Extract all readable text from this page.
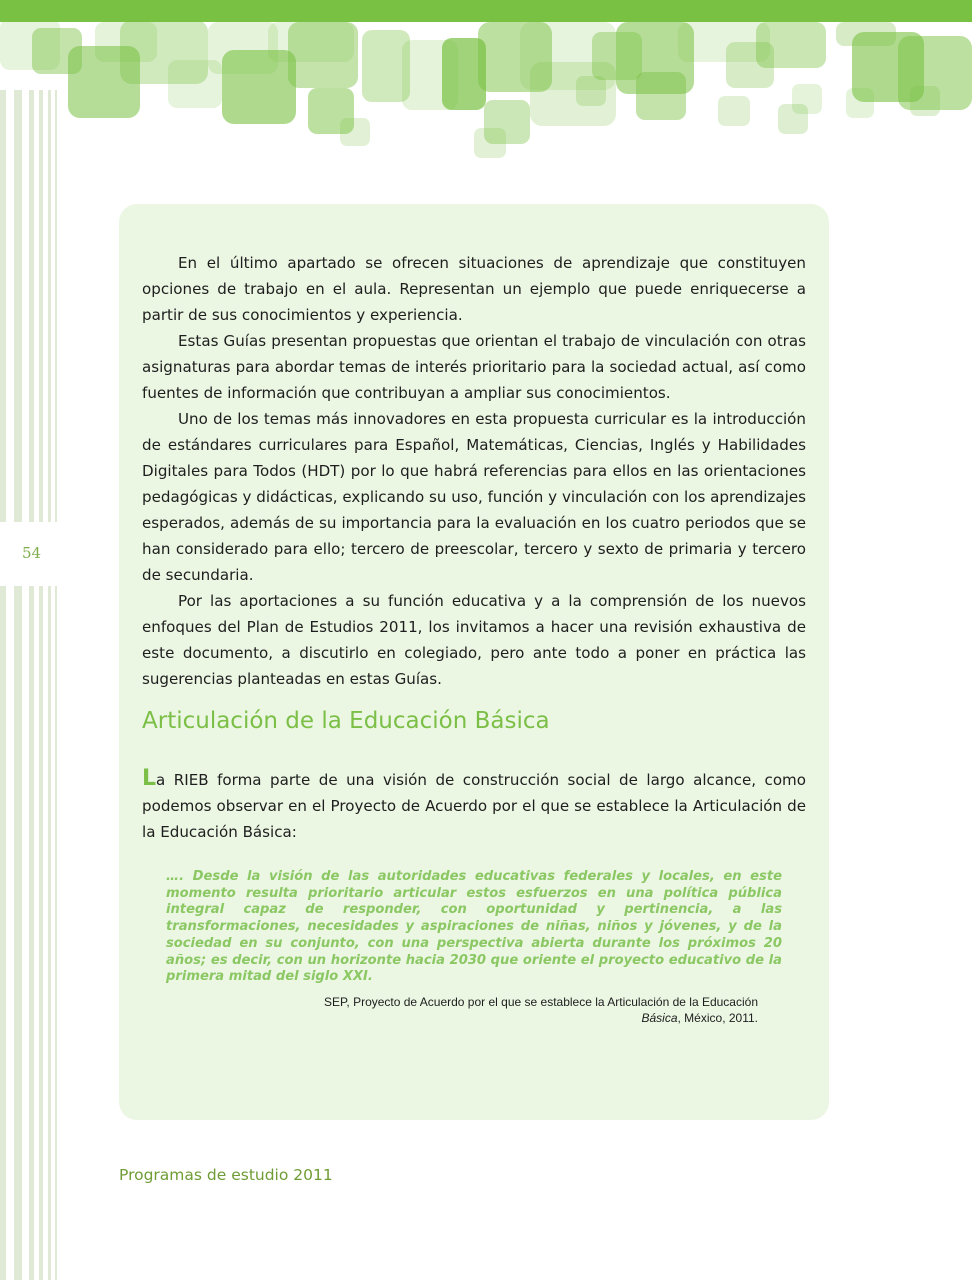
54

En el último apartado se ofrecen situaciones de aprendizaje que constituyen opciones de trabajo en el aula. Representan un ejemplo que puede enriquecerse a partir de sus conocimientos y experiencia.

Estas Guías presentan propuestas que orientan el trabajo de vinculación con otras asignaturas para abordar temas de interés prioritario para la sociedad actual, así como fuentes de información que contribuyan a ampliar sus conocimientos.

Uno de los temas más innovadores en esta propuesta curricular es la introducción de estándares curriculares para Español, Matemáticas, Ciencias, Inglés y Habilidades Digitales para Todos (HDT) por lo que habrá referencias para ellos en las orientaciones pedagógicas y didácticas, explicando su uso, función y vinculación con los aprendizajes esperados, además de su importancia para la evaluación en los cuatro periodos que se han considerado para ello; tercero de preescolar, tercero y sexto de primaria y tercero de secundaria.

Por las aportaciones a su función educativa y a la comprensión de los nuevos enfoques del Plan de Estudios 2011, los invitamos a hacer una revisión exhaustiva de este documento, a discutirlo en colegiado, pero ante todo a poner en práctica las sugerencias planteadas en estas Guías.

Articulación de la Educación Básica

La RIEB forma parte de una visión de construcción social de largo alcance, como podemos observar en el Proyecto de Acuerdo por el que se establece la Articulación de la Educación Básica:

…. Desde la visión de las autoridades educativas federales y locales, en este momento resulta prioritario articular estos esfuerzos en una política pública integral capaz de responder, con oportunidad y pertinencia, a las transformaciones, necesidades y aspiraciones de niñas, niños y jóvenes, y de la sociedad en su conjunto, con una perspectiva abierta durante los próximos 20 años; es decir, con un horizonte hacia 2030 que oriente el proyecto educativo de la primera mitad del siglo XXI.

SEP, Proyecto de Acuerdo por el que se establece la Articulación de la Educación
Básica, México, 2011.

Programas de estudio 2011
